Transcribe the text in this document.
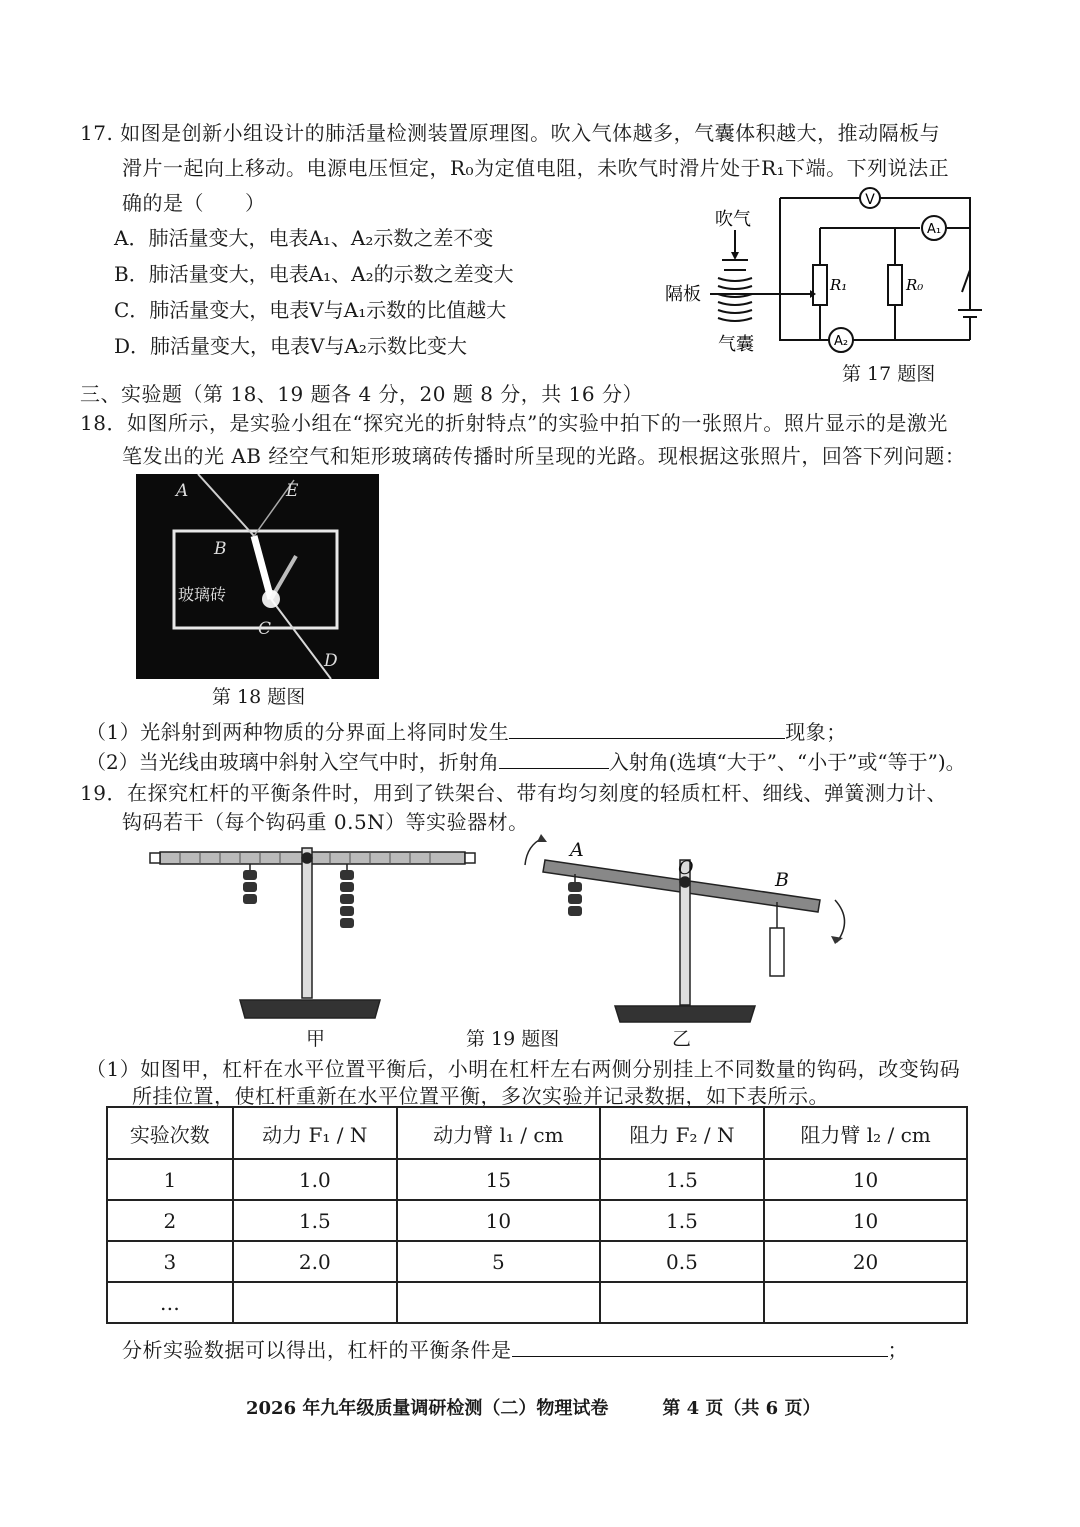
17. 如图是创新小组设计的肺活量检测装置原理图。吹入气体越多，气囊体积越大，推动隔板与
滑片一起向上移动。电源电压恒定，R₀为定值电阻，未吹气时滑片处于R₁下端。下列说法正
确的是（　　）
A．肺活量变大，电表A₁、A₂示数之差不变
B．肺活量变大，电表A₁、A₂的示数之差变大
C．肺活量变大，电表V与A₁示数的比值越大
D．肺活量变大，电表V与A₂示数比变大
V
A₁
A₂
R₁	R₀
吹气
隔板
气囊
第 17 题图
三、实验题（第 18、19 题各 4 分，20 题 8 分，共 16 分）
18．如图所示，是实验小组在“探究光的折射特点”的实验中拍下的一张照片。照片显示的是激光
笔发出的光 AB 经空气和矩形玻璃砖传播时所呈现的光路。现根据这张照片，回答下列问题：
A	E
B
C
D
玻璃砖
第 18 题图
（1）光斜射到两种物质的分界面上将同时发生	现象；
（2）当光线由玻璃中斜射入空气中时，折射角	入射角(选填“大于”、“小于”或“等于”)。
19．在探究杠杆的平衡条件时，用到了铁架台、带有均匀刻度的轻质杠杆、细线、弹簧测力计、
钩码若干（每个钩码重 0.5N）等实验器材。
甲	第 19 题图
A
O
B
乙
（1）如图甲，杠杆在水平位置平衡后，小明在杠杆左右两侧分别挂上不同数量的钩码，改变钩码
所挂位置，使杠杆重新在水平位置平衡，多次实验并记录数据，如下表所示。
实验次数	动力 F₁ / N	动力臂 l₁ / cm	阻力 F₂ / N	阻力臂 l₂ / cm
1	1.0	15	1.5	10
2	1.5	10	1.5	10
3	2.0	5	0.5	20
…				
分析实验数据可以得出，杠杆的平衡条件是	；
2026 年九年级质量调研检测（二）物理试卷　　　第 4 页（共 6 页）
